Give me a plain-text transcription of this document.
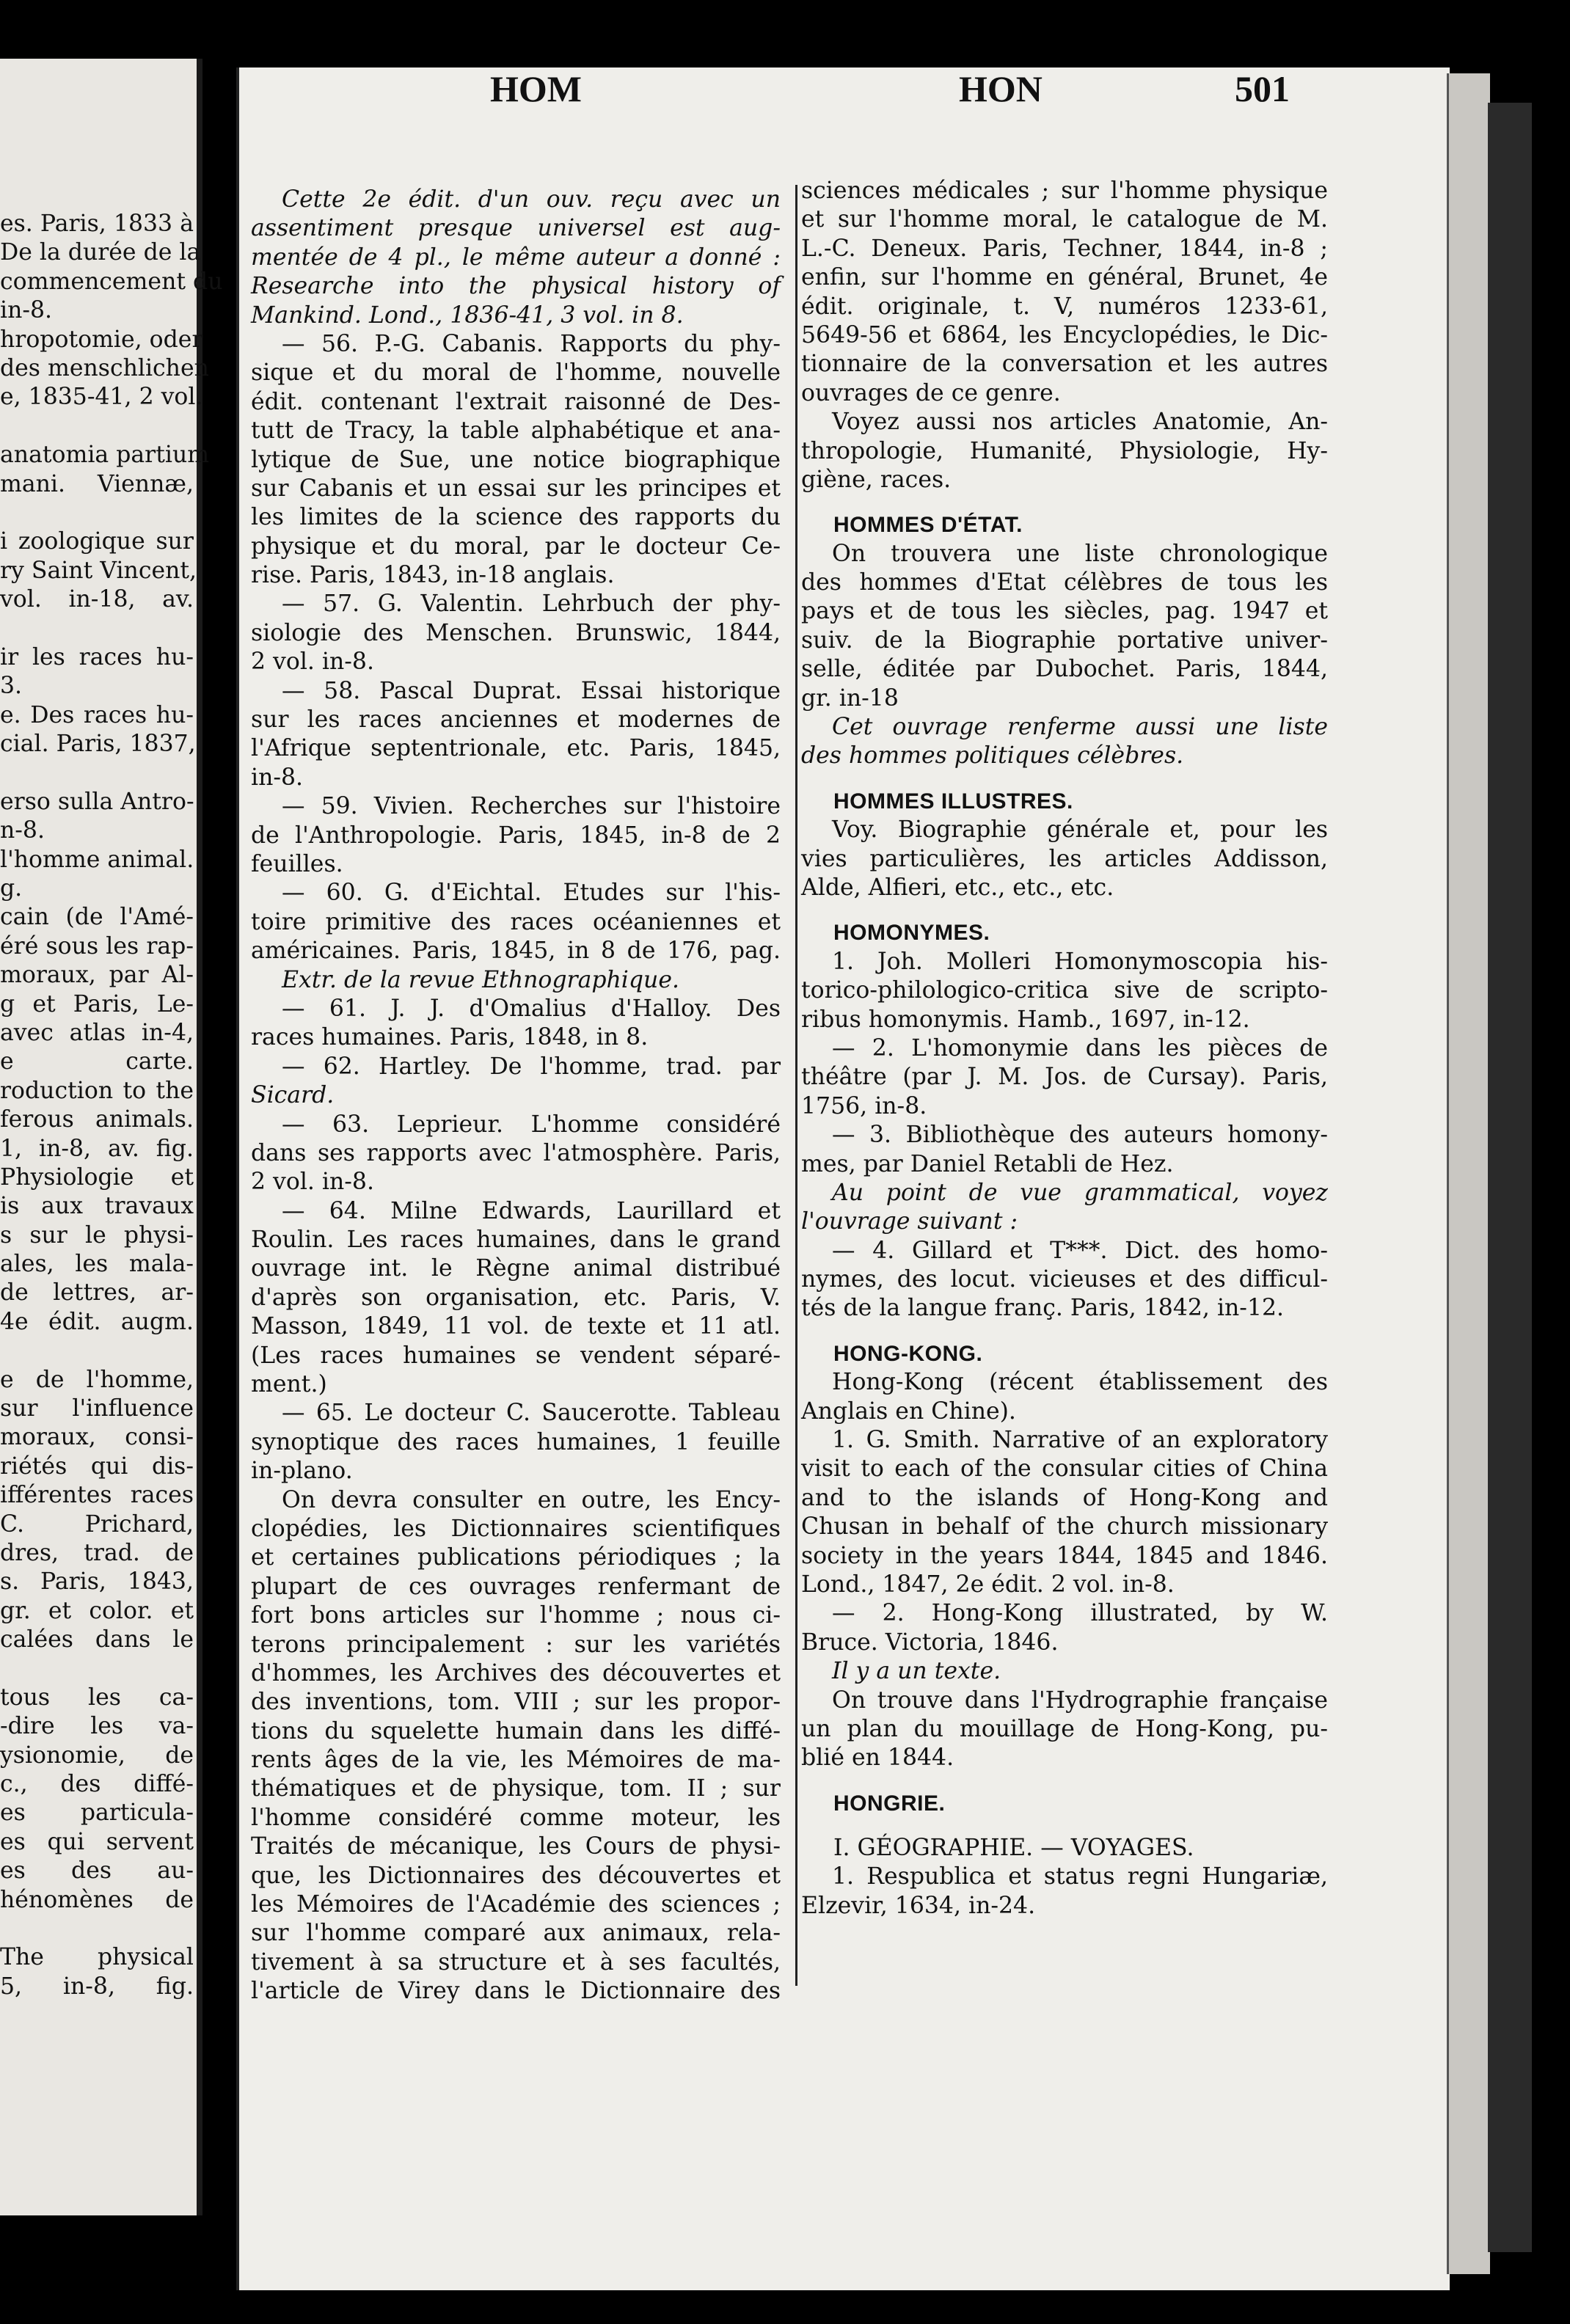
es. Paris, 1833 à
De la durée de la
commencement du
in-8.
hropotomie, oder
des menschlichen
e, 1835-41, 2 vol.
anatomia partium
mani. Viennæ,
i zoologique sur
ry Saint Vincent,
vol. in-18, av.
ir les races hu-
3.
e. Des races hu-
cial. Paris, 1837,
erso sulla Antro-
n-8.
l'homme animal.
g.
cain (de l'Amé-
éré sous les rap-
moraux, par Al-
g et Paris, Le-
avec atlas in-4,
e carte.
roduction to the
ferous animals.
1, in-8, av. fig.
Physiologie et
is aux travaux
s sur le physi-
ales, les mala-
de lettres, ar-
4e édit. augm.
e de l'homme,
sur l'influence
moraux, consi-
riétés qui dis-
ifférentes races
C. Prichard,
dres, trad. de
s. Paris, 1843,
gr. et color. et
calées dans le
tous les ca-
-dire les va-
ysionomie, de
c., des diffé-
es particula-
es qui servent
es des au-
hénomènes de
The physical
5, in-8, fig.
HOM	HON	501
Cette 2e édit. d'un ouv. reçu avec un
assentiment presque universel est aug-
mentée de 4 pl., le même auteur a donné :
Researche into the physical history of
Mankind. Lond., 1836-41, 3 vol. in 8.
— 56. P.-G. Cabanis. Rapports du phy-
sique et du moral de l'homme, nouvelle
édit. contenant l'extrait raisonné de Des-
tutt de Tracy, la table alphabétique et ana-
lytique de Sue, une notice biographique
sur Cabanis et un essai sur les principes et
les limites de la science des rapports du
physique et du moral, par le docteur Ce-
rise. Paris, 1843, in-18 anglais.
— 57. G. Valentin. Lehrbuch der phy-
siologie des Menschen. Brunswic, 1844,
2 vol. in-8.
— 58. Pascal Duprat. Essai historique
sur les races anciennes et modernes de
l'Afrique septentrionale, etc. Paris, 1845,
in-8.
— 59. Vivien. Recherches sur l'histoire
de l'Anthropologie. Paris, 1845, in-8 de 2
feuilles.
— 60. G. d'Eichtal. Etudes sur l'his-
toire primitive des races océaniennes et
américaines. Paris, 1845, in 8 de 176, pag.
Extr. de la revue Ethnographique.
— 61. J. J. d'Omalius d'Halloy. Des
races humaines. Paris, 1848, in 8.
— 62. Hartley. De l'homme, trad. par
Sicard.
— 63. Leprieur. L'homme considéré
dans ses rapports avec l'atmosphère. Paris,
2 vol. in-8.
— 64. Milne Edwards, Laurillard et
Roulin. Les races humaines, dans le grand
ouvrage int. le Règne animal distribué
d'après son organisation, etc. Paris, V.
Masson, 1849, 11 vol. de texte et 11 atl.
(Les races humaines se vendent séparé-
ment.)
— 65. Le docteur C. Saucerotte. Tableau
synoptique des races humaines, 1 feuille
in-plano.
On devra consulter en outre, les Ency-
clopédies, les Dictionnaires scientifiques
et certaines publications périodiques ; la
plupart de ces ouvrages renfermant de
fort bons articles sur l'homme ; nous ci-
terons principalement : sur les variétés
d'hommes, les Archives des découvertes et
des inventions, tom. VIII ; sur les propor-
tions du squelette humain dans les diffé-
rents âges de la vie, les Mémoires de ma-
thématiques et de physique, tom. II ; sur
l'homme considéré comme moteur, les
Traités de mécanique, les Cours de physi-
que, les Dictionnaires des découvertes et
les Mémoires de l'Académie des sciences ;
sur l'homme comparé aux animaux, rela-
tivement à sa structure et à ses facultés,
l'article de Virey dans le Dictionnaire des
sciences médicales ; sur l'homme physique
et sur l'homme moral, le catalogue de M.
L.-C. Deneux. Paris, Techner, 1844, in-8 ;
enfin, sur l'homme en général, Brunet, 4e
édit. originale, t. V, numéros 1233-61,
5649-56 et 6864, les Encyclopédies, le Dic-
tionnaire de la conversation et les autres
ouvrages de ce genre.
Voyez aussi nos articles Anatomie, An-
thropologie, Humanité, Physiologie, Hy-
giène, races.
HOMMES D'ÉTAT.
On trouvera une liste chronologique
des hommes d'Etat célèbres de tous les
pays et de tous les siècles, pag. 1947 et
suiv. de la Biographie portative univer-
selle, éditée par Dubochet. Paris, 1844,
gr. in-18
Cet ouvrage renferme aussi une liste
des hommes politiques célèbres.
HOMMES ILLUSTRES.
Voy. Biographie générale et, pour les
vies particulières, les articles Addisson,
Alde, Alfieri, etc., etc., etc.
HOMONYMES.
1. Joh. Molleri Homonymoscopia his-
torico-philologico-critica sive de scripto-
ribus homonymis. Hamb., 1697, in-12.
— 2. L'homonymie dans les pièces de
théâtre (par J. M. Jos. de Cursay). Paris,
1756, in-8.
— 3. Bibliothèque des auteurs homony-
mes, par Daniel Retabli de Hez.
Au point de vue grammatical, voyez
l'ouvrage suivant :
— 4. Gillard et T***. Dict. des homo-
nymes, des locut. vicieuses et des difficul-
tés de la langue franç. Paris, 1842, in-12.
HONG-KONG.
Hong-Kong (récent établissement des
Anglais en Chine).
1. G. Smith. Narrative of an exploratory
visit to each of the consular cities of China
and to the islands of Hong-Kong and
Chusan in behalf of the church missionary
society in the years 1844, 1845 and 1846.
Lond., 1847, 2e édit. 2 vol. in-8.
— 2. Hong-Kong illustrated, by W.
Bruce. Victoria, 1846.
Il y a un texte.
On trouve dans l'Hydrographie française
un plan du mouillage de Hong-Kong, pu-
blié en 1844.
HONGRIE.
I. GÉOGRAPHIE. — VOYAGES.
1. Respublica et status regni Hungariæ,
Elzevir, 1634, in-24.
